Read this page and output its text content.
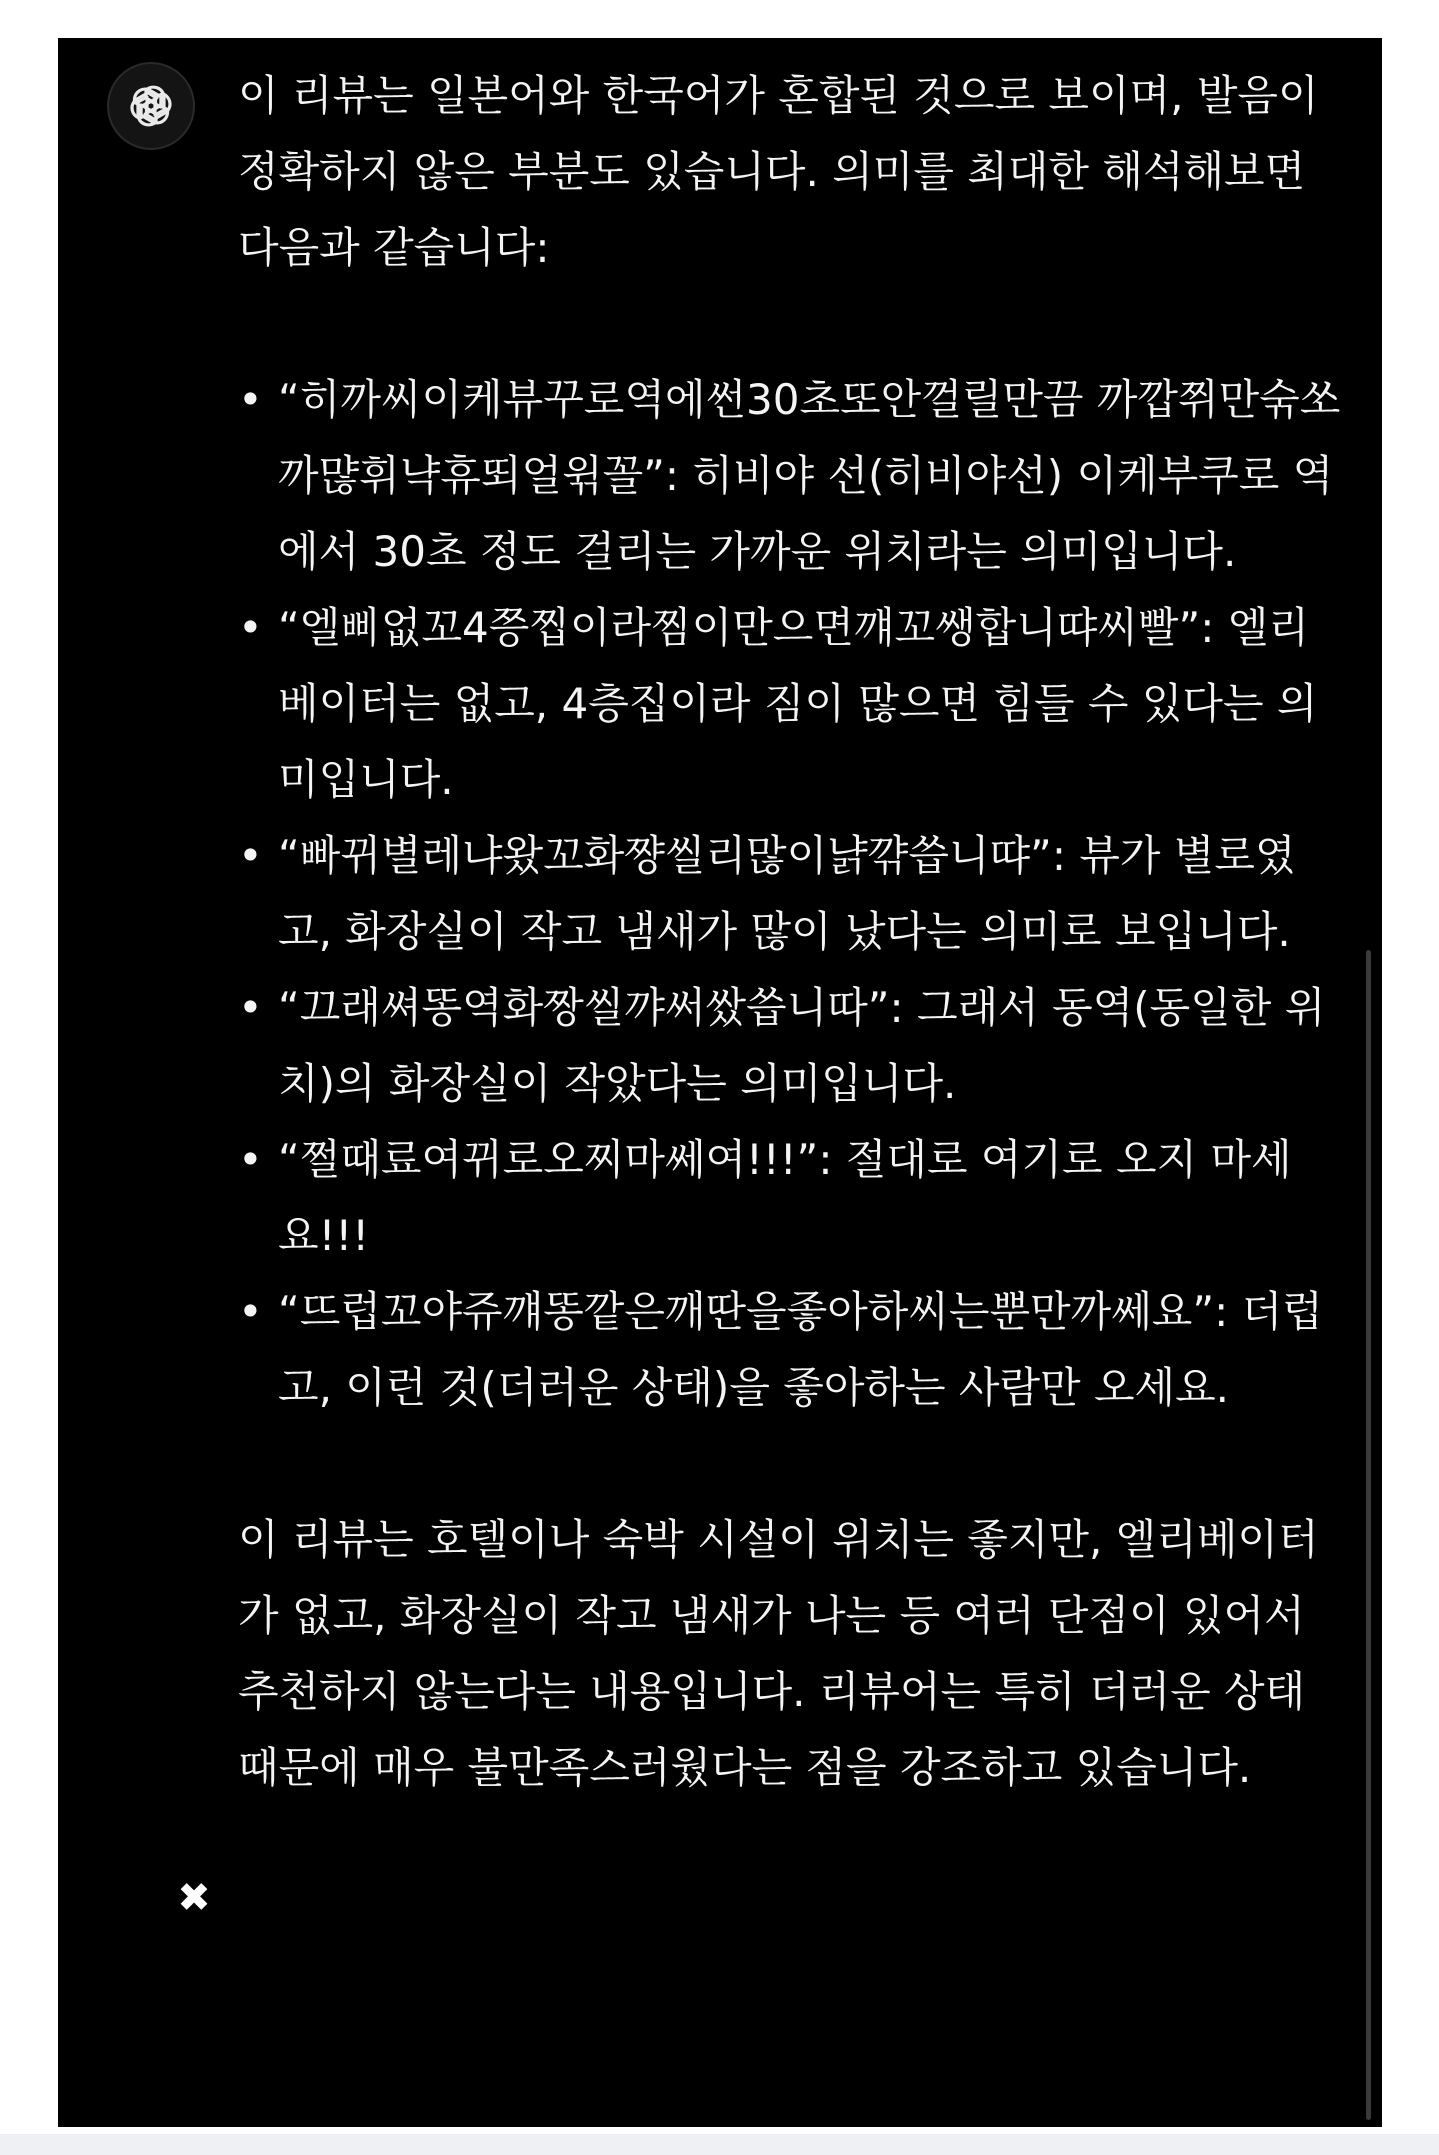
이 리뷰는 일본어와 한국어가 혼합된 것으로 보이며, 발음이 정확하지 않은 부분도 있습니다. 의미를 최대한 해석해보면 다음과 같습니다:

• “히까씨이케뷰꾸로역에썬30초또안껄릴만끔 까깝쮜만숚쏘까먆휘냑휴뙤얼윆꼴”: 히비야 선(히비야선) 이케부쿠로 역에서 30초 정도 걸리는 가까운 위치라는 의미입니다.
• “엘삐없꼬4쯩찝이라찜이만으면꺠꼬쌩합니땨씨빨”: 엘리베이터는 없고, 4층집이라 짐이 많으면 힘들 수 있다는 의미입니다.
• “빠뀌별레냐왔꼬화쨩씰리많이냙꺆씁니땨”: 뷰가 별로였고, 화장실이 작고 냄새가 많이 났다는 의미로 보입니다.
• “끄래쎠똥역화짱씰꺄써쌌씁니따”: 그래서 동역(동일한 위치)의 화장실이 작았다는 의미입니다.
• “쩔때료여뀌로오찌마쎄여!!!”: 절대로 여기로 오지 마세요!!!
• “뜨럽꼬야쥬꺠똥깥은깨딴을좋아하씨는뿐만까쎄요”: 더럽고, 이런 것(더러운 상태)을 좋아하는 사람만 오세요.

이 리뷰는 호텔이나 숙박 시설이 위치는 좋지만, 엘리베이터가 없고, 화장실이 작고 냄새가 나는 등 여러 단점이 있어서 추천하지 않는다는 내용입니다. 리뷰어는 특히 더러운 상태 때문에 매우 불만족스러웠다는 점을 강조하고 있습니다.

✖
